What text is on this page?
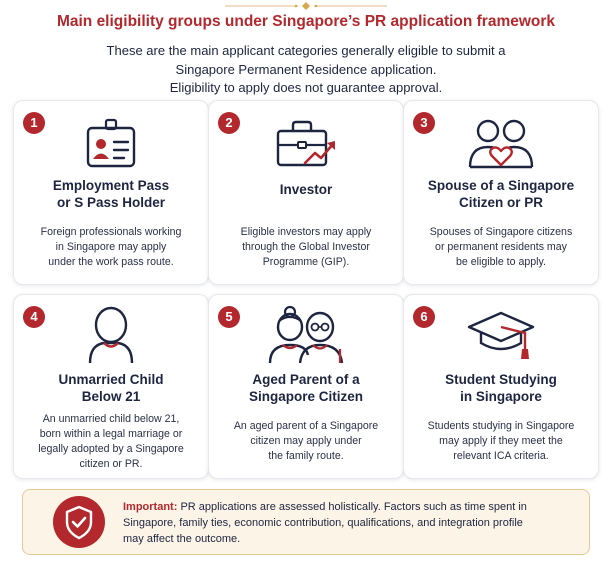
Main eligibility groups under Singapore’s PR application framework
These are the main applicant categories generally eligible to submit a
Singapore Permanent Residence application.
Eligibility to apply does not guarantee approval.
1
Employment Pass
or S Pass Holder
Foreign professionals working
in Singapore may apply
under the work pass route.
2
Investor
Eligible investors may apply
through the Global Investor
Programme (GIP).
3
Spouse of a Singapore
Citizen or PR
Spouses of Singapore citizens
or permanent residents may
be eligible to apply.
4
Unmarried Child
Below 21
An unmarried child below 21,
born within a legal marriage or
legally adopted by a Singapore
citizen or PR.
5
Aged Parent of a
Singapore Citizen
An aged parent of a Singapore
citizen may apply under
the family route.
6
Student Studying
in Singapore
Students studying in Singapore
may apply if they meet the
relevant ICA criteria.
Important: PR applications are assessed holistically. Factors such as time spent in
Singapore, family ties, economic contribution, qualifications, and integration profile
may affect the outcome.
